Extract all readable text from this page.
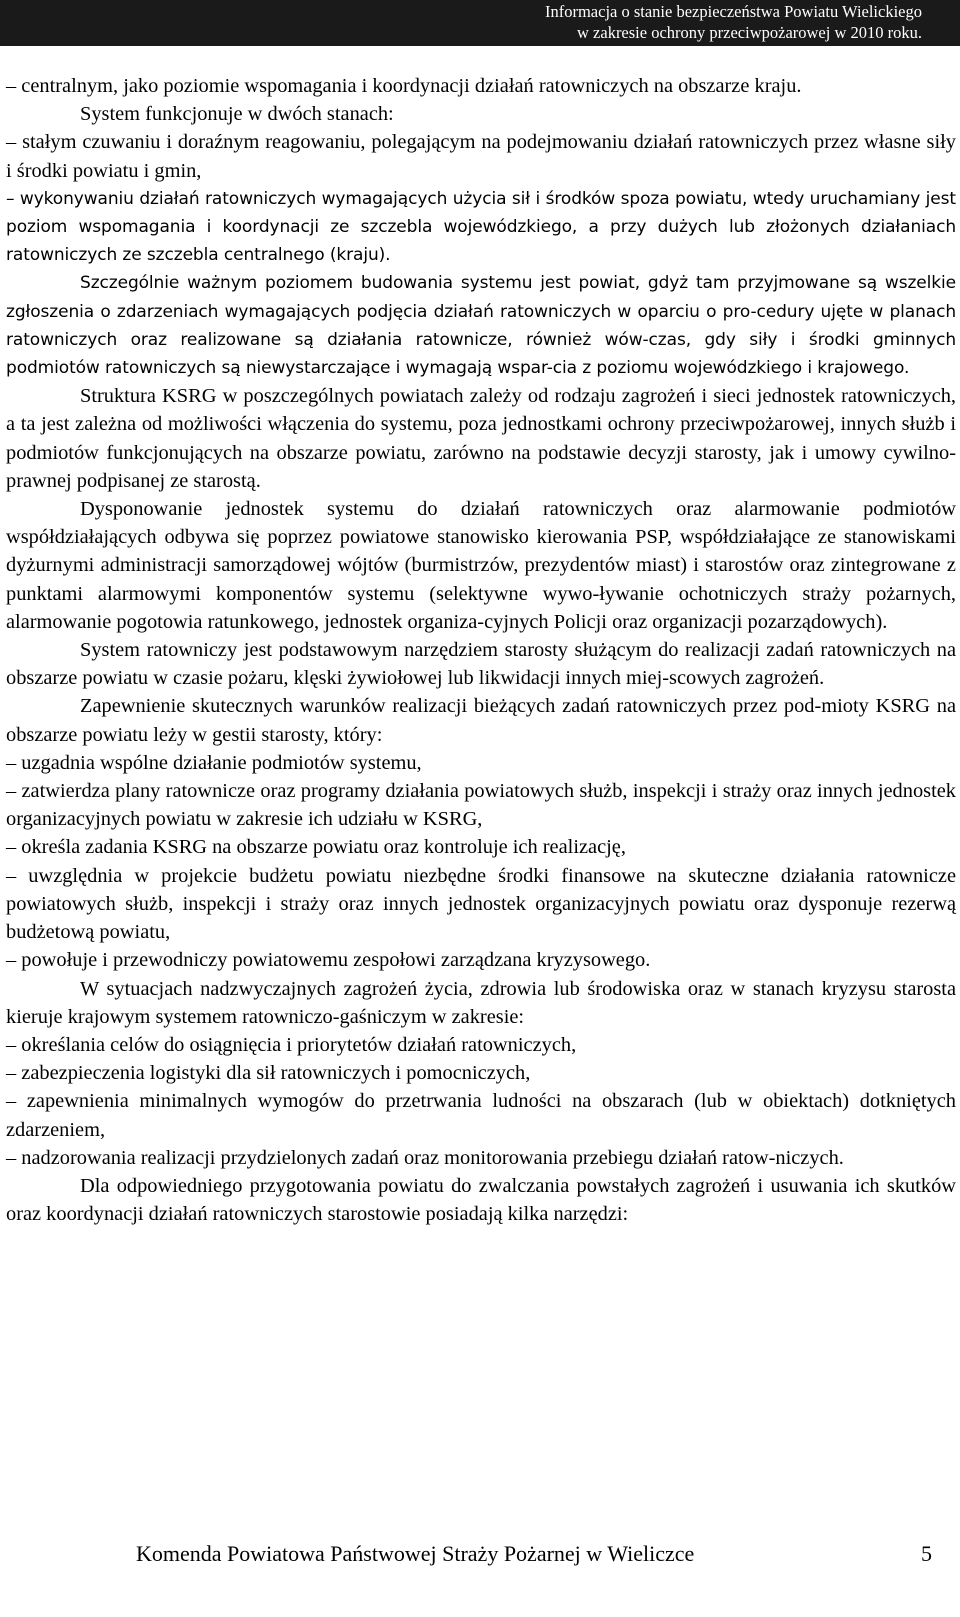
Informacja o stanie bezpieczeństwa Powiatu Wielickiego
w zakresie ochrony przeciwpożarowej w 2010 roku.

– centralnym, jako poziomie wspomagania i koordynacji działań ratowniczych na obszarze kraju.

System funkcjonuje w dwóch stanach:

– stałym czuwaniu i doraźnym reagowaniu, polegającym na podejmowaniu działań ratowniczych przez własne siły i środki powiatu i gmin,

– wykonywaniu działań ratowniczych wymagających użycia sił i środków spoza powiatu, wtedy uruchamiany jest poziom wspomagania i koordynacji ze szczebla wojewódzkiego, a przy dużych lub złożonych działaniach ratowniczych ze szczebla centralnego (kraju).

Szczególnie ważnym poziomem budowania systemu jest powiat, gdyż tam przyjmowane są wszelkie zgłoszenia o zdarzeniach wymagających podjęcia działań ratowniczych w oparciu o pro-cedury ujęte w planach ratowniczych oraz realizowane są działania ratownicze, również wów-czas, gdy siły i środki gminnych podmiotów ratowniczych są niewystarczające i wymagają wspar-cia z poziomu wojewódzkiego i krajowego.

Struktura KSRG w poszczególnych powiatach zależy od rodzaju zagrożeń i sieci jednostek ratowniczych, a ta jest zależna od możliwości włączenia do systemu, poza jednostkami ochrony przeciwpożarowej, innych służb i podmiotów funkcjonujących na obszarze powiatu, zarówno na podstawie decyzji starosty, jak i umowy cywilno-prawnej podpisanej ze starostą.

Dysponowanie jednostek systemu do działań ratowniczych oraz alarmowanie podmiotów współdziałających odbywa się poprzez powiatowe stanowisko kierowania PSP, współdziałające ze stanowiskami dyżurnymi administracji samorządowej wójtów (burmistrzów, prezydentów miast) i starostów oraz zintegrowane z punktami alarmowymi komponentów systemu (selektywne wywo-ływanie ochotniczych straży pożarnych, alarmowanie pogotowia ratunkowego, jednostek organiza-cyjnych Policji oraz organizacji pozarządowych).

System ratowniczy jest podstawowym narzędziem starosty służącym do realizacji zadań ratowniczych na obszarze powiatu w czasie pożaru, klęski żywiołowej lub likwidacji innych miej-scowych zagrożeń.

Zapewnienie skutecznych warunków realizacji bieżących zadań ratowniczych przez pod-mioty KSRG na obszarze powiatu leży w gestii starosty, który:

– uzgadnia wspólne działanie podmiotów systemu,

– zatwierdza plany ratownicze oraz programy działania powiatowych służb, inspekcji i straży oraz innych jednostek organizacyjnych powiatu w zakresie ich udziału w KSRG,

– określa zadania KSRG na obszarze powiatu oraz kontroluje ich realizację,

– uwzględnia w projekcie budżetu powiatu niezbędne środki finansowe na skuteczne działania ratownicze powiatowych służb, inspekcji i straży oraz innych jednostek organizacyjnych powiatu oraz dysponuje rezerwą budżetową powiatu,

– powołuje i przewodniczy powiatowemu zespołowi zarządzana kryzysowego.

W sytuacjach nadzwyczajnych zagrożeń życia, zdrowia lub środowiska oraz w stanach kryzysu starosta kieruje krajowym systemem ratowniczo-gaśniczym w zakresie:

– określania celów do osiągnięcia i priorytetów działań ratowniczych,

– zabezpieczenia logistyki dla sił ratowniczych i pomocniczych,

– zapewnienia minimalnych wymogów do przetrwania ludności na obszarach (lub w obiektach) dotkniętych zdarzeniem,

– nadzorowania realizacji przydzielonych zadań oraz monitorowania przebiegu działań ratow-niczych.

Dla odpowiedniego przygotowania powiatu do zwalczania powstałych zagrożeń i usuwania ich skutków oraz koordynacji działań ratowniczych starostowie posiadają kilka narzędzi:

Komenda Powiatowa Państwowej Straży Pożarnej w Wieliczce	5
